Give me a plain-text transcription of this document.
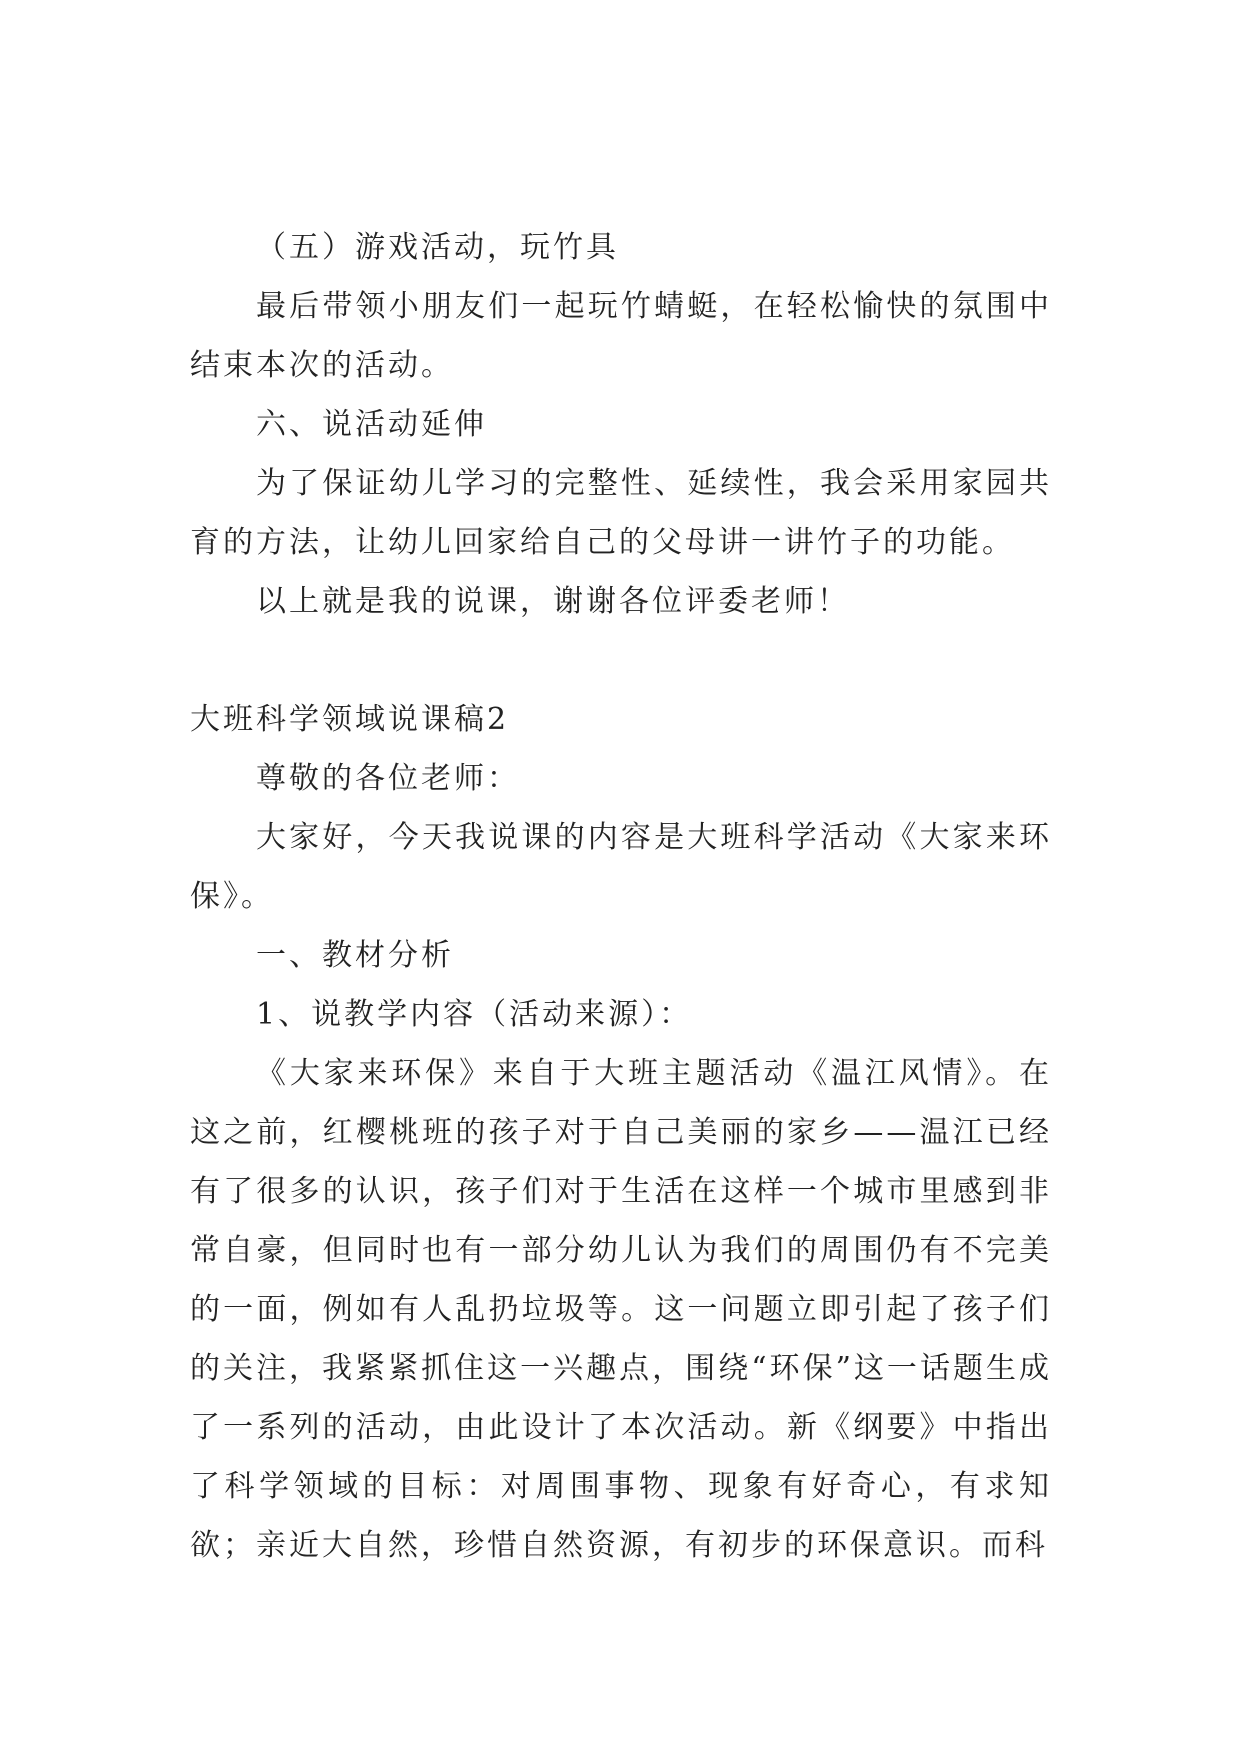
（五）游戏活动，玩竹具

最后带领小朋友们一起玩竹蜻蜓，在轻松愉快的氛围中结束本次的活动。

六、说活动延伸

为了保证幼儿学习的完整性、延续性，我会采用家园共育的方法，让幼儿回家给自己的父母讲一讲竹子的功能。

以上就是我的说课，谢谢各位评委老师！

大班科学领域说课稿2

尊敬的各位老师：

大家好，今天我说课的内容是大班科学活动《大家来环保》。

一、教材分析

1、说教学内容（活动来源）：

《大家来环保》来自于大班主题活动《温江风情》。在这之前，红樱桃班的孩子对于自己美丽的家乡——温江已经有了很多的认识，孩子们对于生活在这样一个城市里感到非常自豪，但同时也有一部分幼儿认为我们的周围仍有不完美的一面，例如有人乱扔垃圾等。这一问题立即引起了孩子们的关注，我紧紧抓住这一兴趣点，围绕“环保”这一话题生成了一系列的活动，由此设计了本次活动。新《纲要》中指出了科学领域的目标：对周围事物、现象有好奇心，有求知欲；亲近大自然，珍惜自然资源，有初步的环保意识。而科
